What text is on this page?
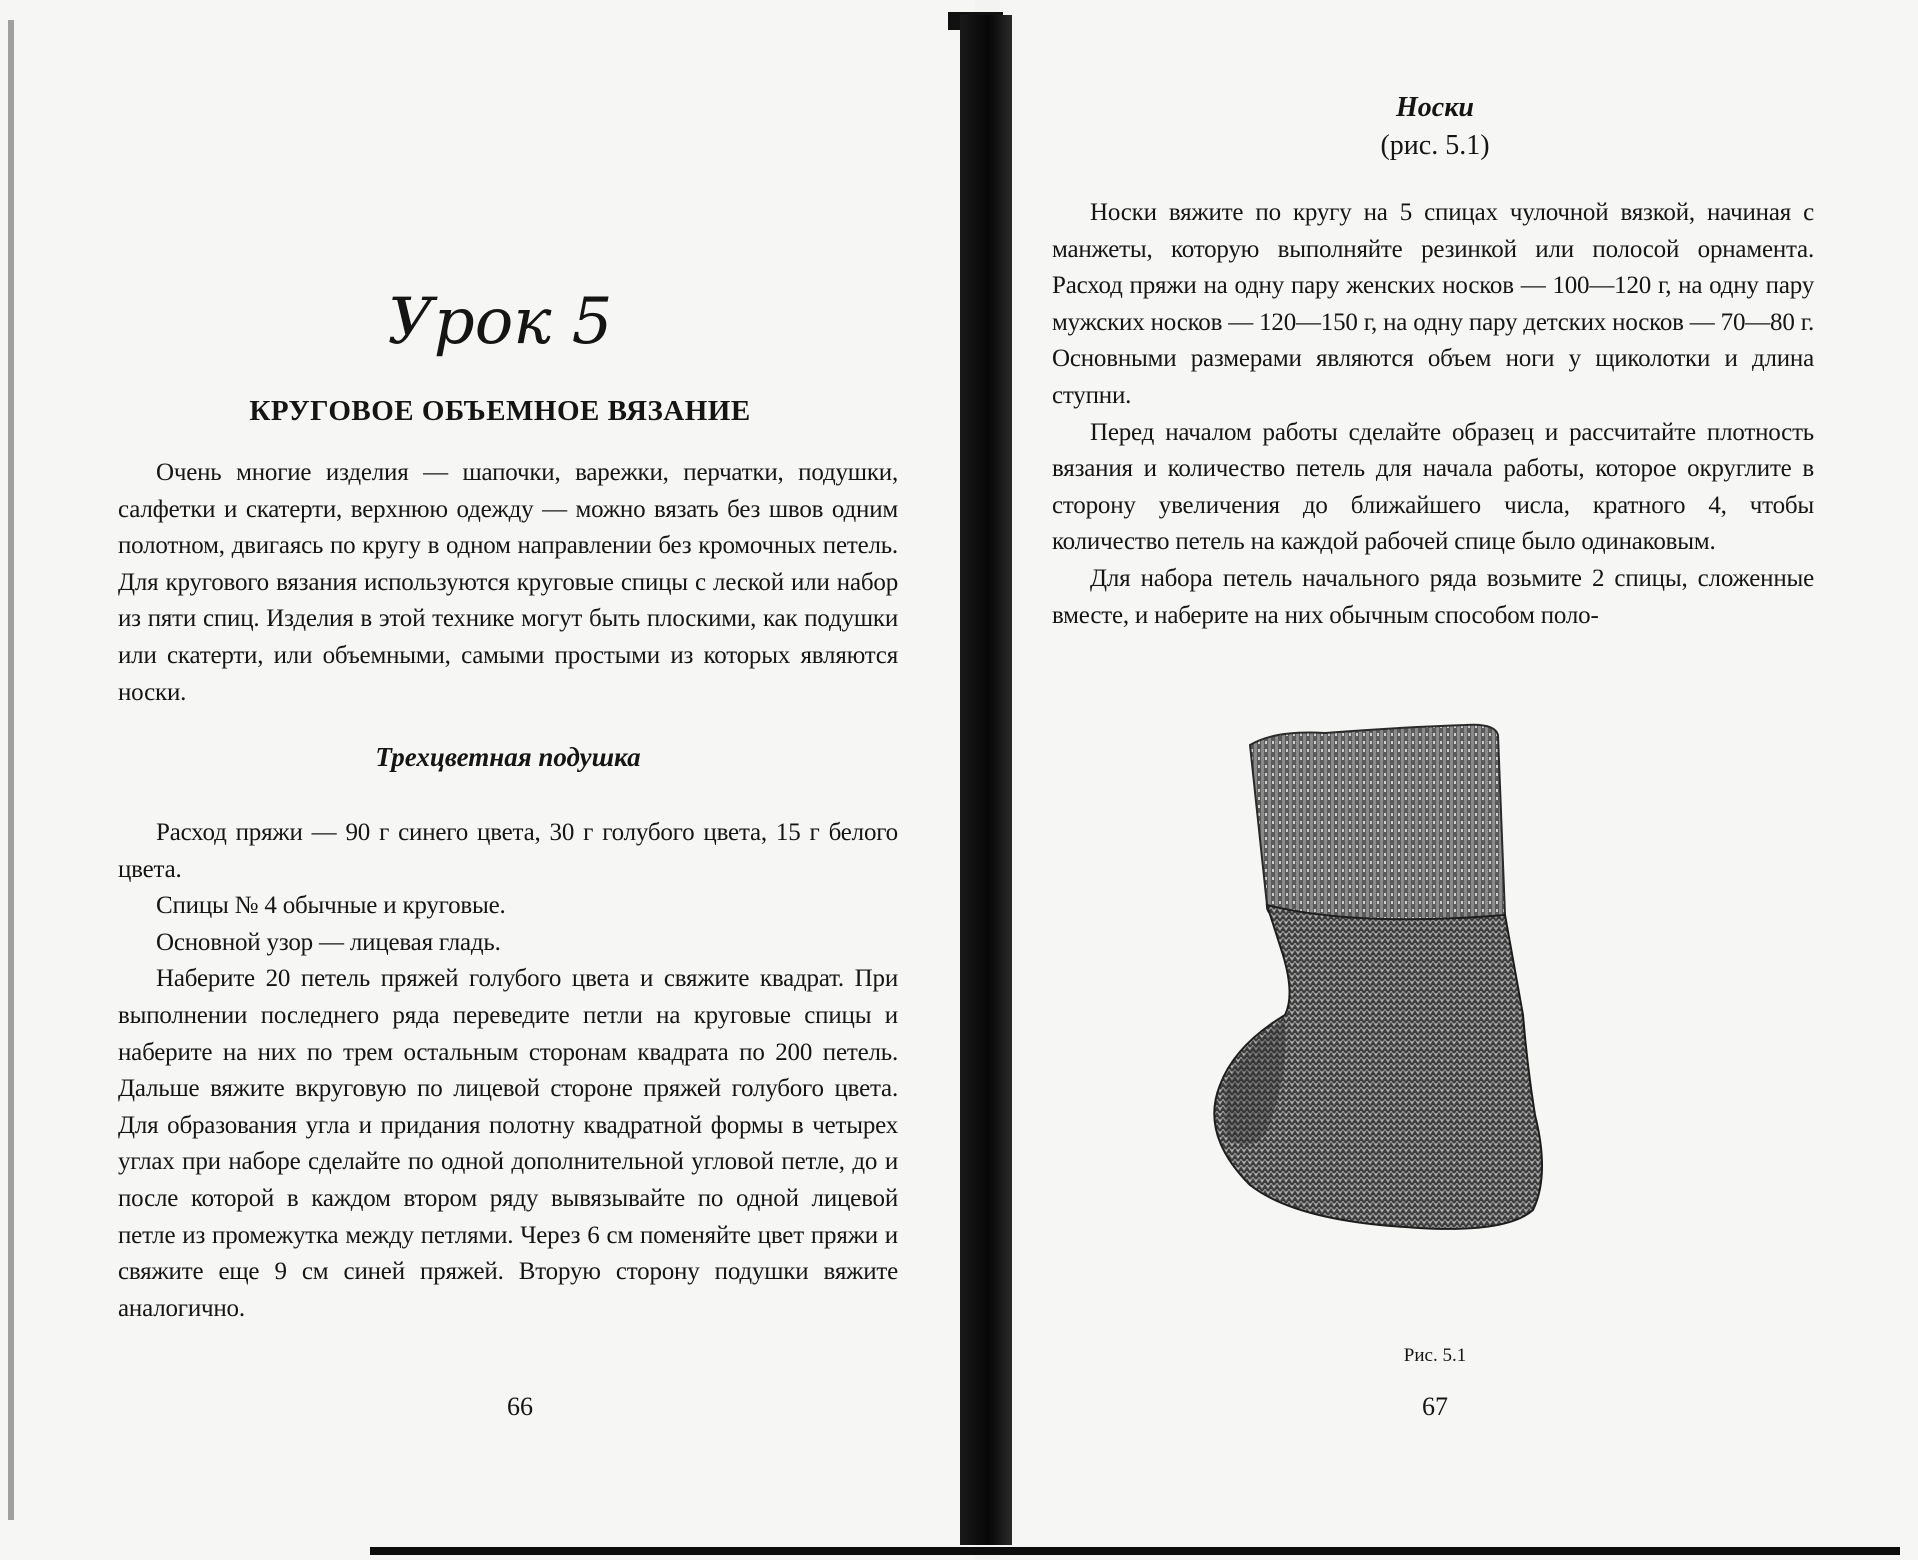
Урок 5
КРУГОВОЕ ОБЪЕМНОЕ ВЯЗАНИЕ

Очень многие изделия — шапочки, варежки, перчатки, подушки, салфетки и скатерти, верхнюю одежду — можно вязать без швов одним полотном, двигаясь по кругу в одном направлении без кромочных петель. Для кругового вязания используются круговые спицы с леской или набор из пяти спиц. Изделия в этой технике могут быть плоскими, как подушки или скатерти, или объемными, самыми простыми из которых являются носки.

Трехцветная подушка

Расход пряжи — 90 г синего цвета, 30 г голубого цвета, 15 г белого цвета.

Спицы № 4 обычные и круговые.

Основной узор — лицевая гладь.

Наберите 20 петель пряжей голубого цвета и свяжите квадрат. При выполнении последнего ряда переведите петли на круговые спицы и наберите на них по трем остальным сторонам квадрата по 200 петель. Дальше вяжите вкруговую по лицевой стороне пряжей голубого цвета. Для образования угла и придания полотну квадратной формы в четырех углах при наборе сделайте по одной дополнительной угловой петле, до и после которой в каждом втором ряду вывязывайте по одной лицевой петле из промежутка между петлями. Через 6 см поменяйте цвет пряжи и свяжите еще 9 см синей пряжей. Вторую сторону подушки вяжите аналогично.

66
Носки
(рис. 5.1)

Носки вяжите по кругу на 5 спицах чулочной вязкой, начиная с манжеты, которую выполняйте резинкой или полосой орнамента. Расход пряжи на одну пару женских носков — 100—120 г, на одну пару мужских носков — 120—150 г, на одну пару детских носков — 70—80 г. Основными размерами являются объем ноги у щиколотки и длина ступни.

Перед началом работы сделайте образец и рассчитайте плотность вязания и количество петель для начала работы, которое округлите в сторону увеличения до ближайшего числа, кратного 4, чтобы количество петель на каждой рабочей спице было одинаковым.

Для набора петель начального ряда возьмите 2 спицы, сложенные вместе, и наберите на них обычным способом поло-

Рис. 5.1
67
